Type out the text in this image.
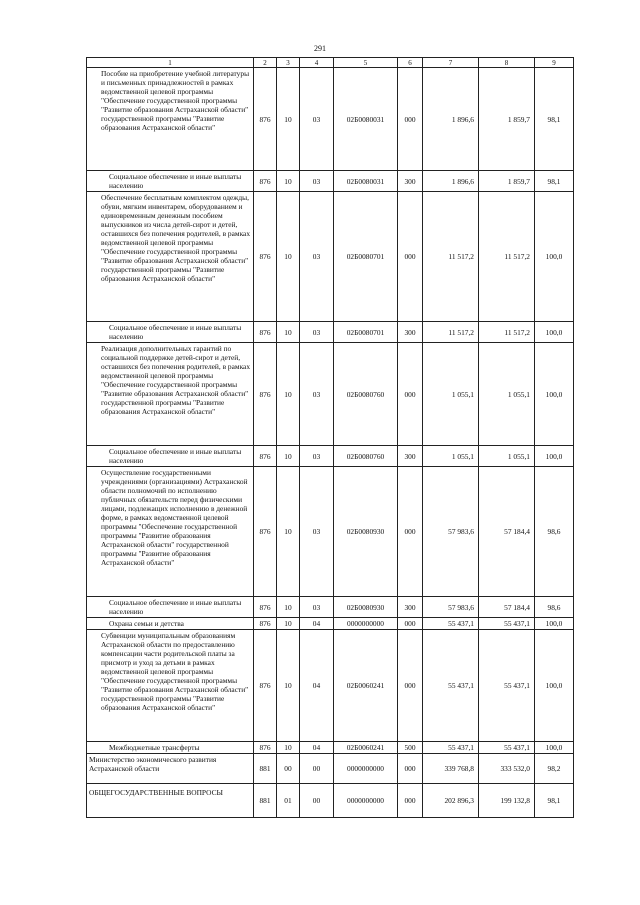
291
1	2	3	4	5	6	7	8	9
Пособие на приобретение учебной литературы и письменных принадлежностей в рамках ведомственной целевой программы "Обеспечение государственной программы "Развитие образования Астраханской области" государственной программы "Развитие образования Астраханской области"	876	10	03	02Б0080031	000	1 896,6	1 859,7	98,1
Социальное обеспечение и иные выплаты населению	876	10	03	02Б0080031	300	1 896,6	1 859,7	98,1
Обеспечение бесплатным комплектом одежды, обуви, мягким инвентарем, оборудованием и единовременным денежным пособием выпускников из числа детей-сирот и детей, оставшихся без попечения родителей, в рамках ведомственной целевой программы "Обеспечение государственной программы "Развитие образования Астраханской области" государственной программы "Развитие образования Астраханской области"	876	10	03	02Б0080701	000	11 517,2	11 517,2	100,0
Социальное обеспечение и иные выплаты населению	876	10	03	02Б0080701	300	11 517,2	11 517,2	100,0
Реализация дополнительных гарантий по социальной поддержке детей-сирот и детей, оставшихся без попечения родителей, в рамках ведомственной целевой программы "Обеспечение государственной программы "Развитие образования Астраханской области" государственной программы "Развитие образования Астраханской области"	876	10	03	02Б0080760	000	1 055,1	1 055,1	100,0
Социальное обеспечение и иные выплаты населению	876	10	03	02Б0080760	300	1 055,1	1 055,1	100,0
Осуществление государственными учреждениями (организациями) Астраханской области полномочий по исполнению публичных обязательств перед физическими лицами, подлежащих исполнению в денежной форме, в рамках ведомственной целевой программы "Обеспечение государственной программы "Развитие образования Астраханской области" государственной программы "Развитие образования Астраханской области"	876	10	03	02Б0080930	000	57 983,6	57 184,4	98,6
Социальное обеспечение и иные выплаты населению	876	10	03	02Б0080930	300	57 983,6	57 184,4	98,6
Охрана семьи и детства	876	10	04	0000000000	000	55 437,1	55 437,1	100,0
Субвенции муниципальным образованиям Астраханской области по предоставлению компенсации части родительской платы за присмотр и уход за детьми в рамках ведомственной целевой программы "Обеспечение государственной программы "Развитие образования Астраханской области" государственной программы "Развитие образования Астраханской области"	876	10	04	02Б0060241	000	55 437,1	55 437,1	100,0
Межбюджетные трансферты	876	10	04	02Б0060241	500	55 437,1	55 437,1	100,0
Министерство экономического развития Астраханской области	881	00	00	0000000000	000	339 768,8	333 532,0	98,2
ОБЩЕГОСУДАРСТВЕННЫЕ ВОПРОСЫ	881	01	00	0000000000	000	202 896,3	199 132,8	98,1
